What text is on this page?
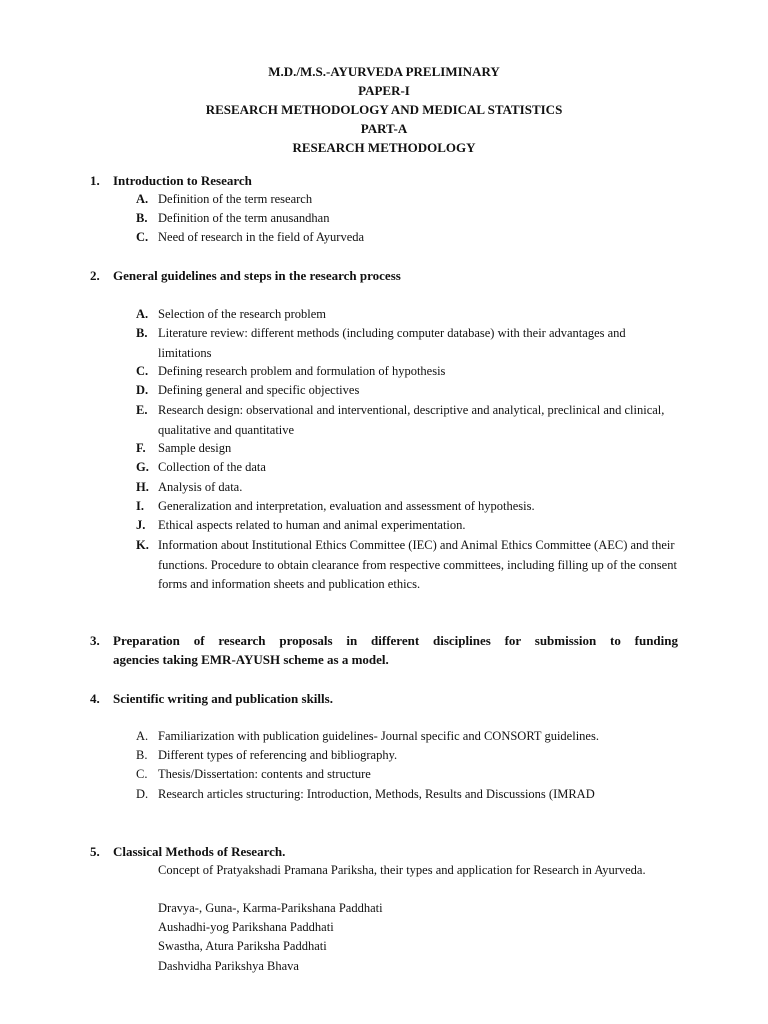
M.D./M.S.-AYURVEDA PRELIMINARY
PAPER-I
RESEARCH METHODOLOGY AND MEDICAL STATISTICS
PART-A
RESEARCH METHODOLOGY
1. Introduction to Research
A. Definition of the term research
B. Definition of the term anusandhan
C. Need of research in the field of Ayurveda
2. General guidelines and steps in the research process
A. Selection of the research problem
B. Literature review: different methods (including computer database) with their advantages and limitations
C. Defining research problem and formulation of hypothesis
D. Defining general and specific objectives
E. Research design: observational and interventional, descriptive and analytical, preclinical and clinical, qualitative and quantitative
F. Sample design
G. Collection of the data
H. Analysis of data.
I. Generalization and interpretation, evaluation and assessment of hypothesis.
J. Ethical aspects related to human and animal experimentation.
K. Information about Institutional Ethics Committee (IEC) and Animal Ethics Committee (AEC) and their functions. Procedure to obtain clearance from respective committees, including filling up of the consent forms and information sheets and publication ethics.
3. Preparation of research proposals in different disciplines for submission to funding
agencies taking EMR-AYUSH scheme as a model.
4. Scientific writing and publication skills.
A. Familiarization with publication guidelines- Journal specific and CONSORT guidelines.
B. Different types of referencing and bibliography.
C. Thesis/Dissertation: contents and structure
D. Research articles structuring: Introduction, Methods, Results and Discussions (IMRAD
5. Classical Methods of Research.
Concept of Pratyakshadi Pramana Pariksha, their types and application for Research in Ayurveda.
Dravya-, Guna-, Karma-Parikshana Paddhati
Aushadhi-yog Parikshana Paddhati
Swastha, Atura Pariksha Paddhati
Dashvidha Parikshya Bhava
